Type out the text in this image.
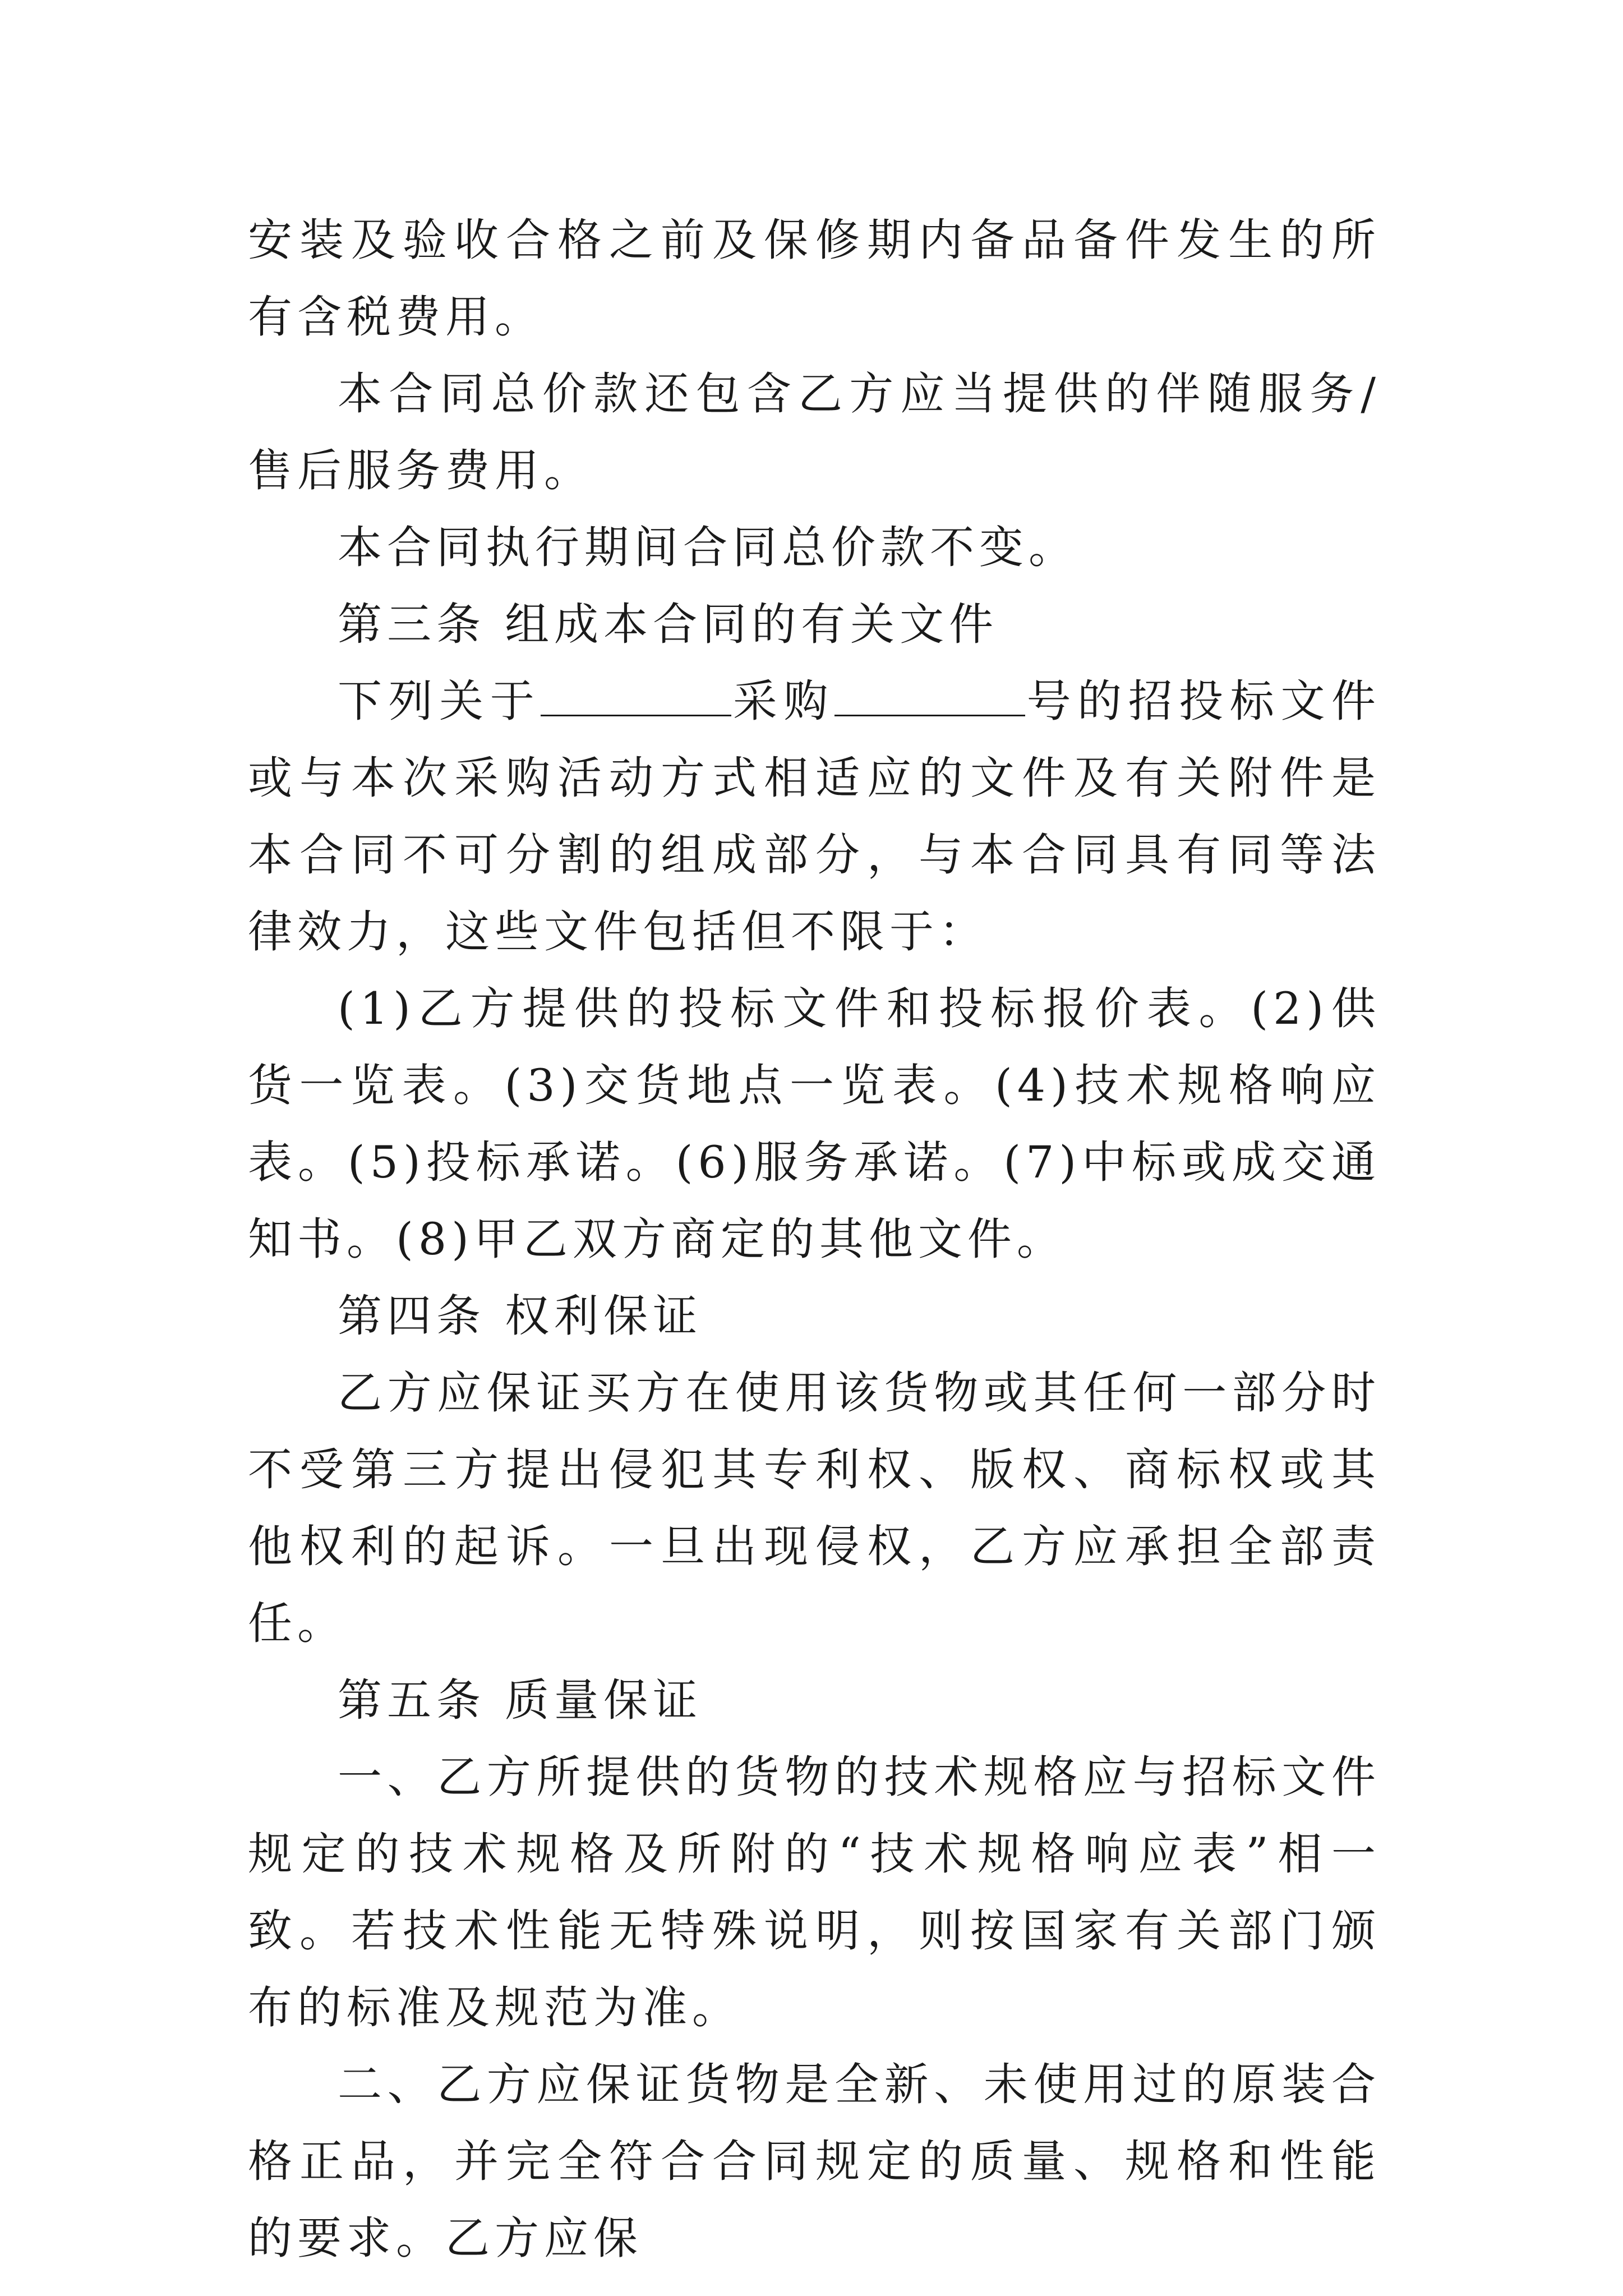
安装及验收合格之前及保修期内备品备件发生的所有含税费用。

本合同总价款还包含乙方应当提供的伴随服务/售后服务费用。

本合同执行期间合同总价款不变。

第三条 组成本合同的有关文件

下列关于	采购	号的招投标文件或与本次采购活动方式相适应的文件及有关附件是本合同不可分割的组成部分，与本合同具有同等法律效力，这些文件包括但不限于：

(1)乙方提供的投标文件和投标报价表。(2)供货一览表。(3)交货地点一览表。(4)技术规格响应表。(5)投标承诺。(6)服务承诺。(7)中标或成交通知书。(8)甲乙双方商定的其他文件。

第四条 权利保证

乙方应保证买方在使用该货物或其任何一部分时不受第三方提出侵犯其专利权、版权、商标权或其他权利的起诉。一旦出现侵权，乙方应承担全部责任。

第五条 质量保证

一、乙方所提供的货物的技术规格应与招标文件规定的技术规格及所附的“技术规格响应表”相一致。若技术性能无特殊说明，则按国家有关部门颁布的标准及规范为准。

二、乙方应保证货物是全新、未使用过的原装合格正品，并完全符合合同规定的质量、规格和性能的要求。乙方应保
